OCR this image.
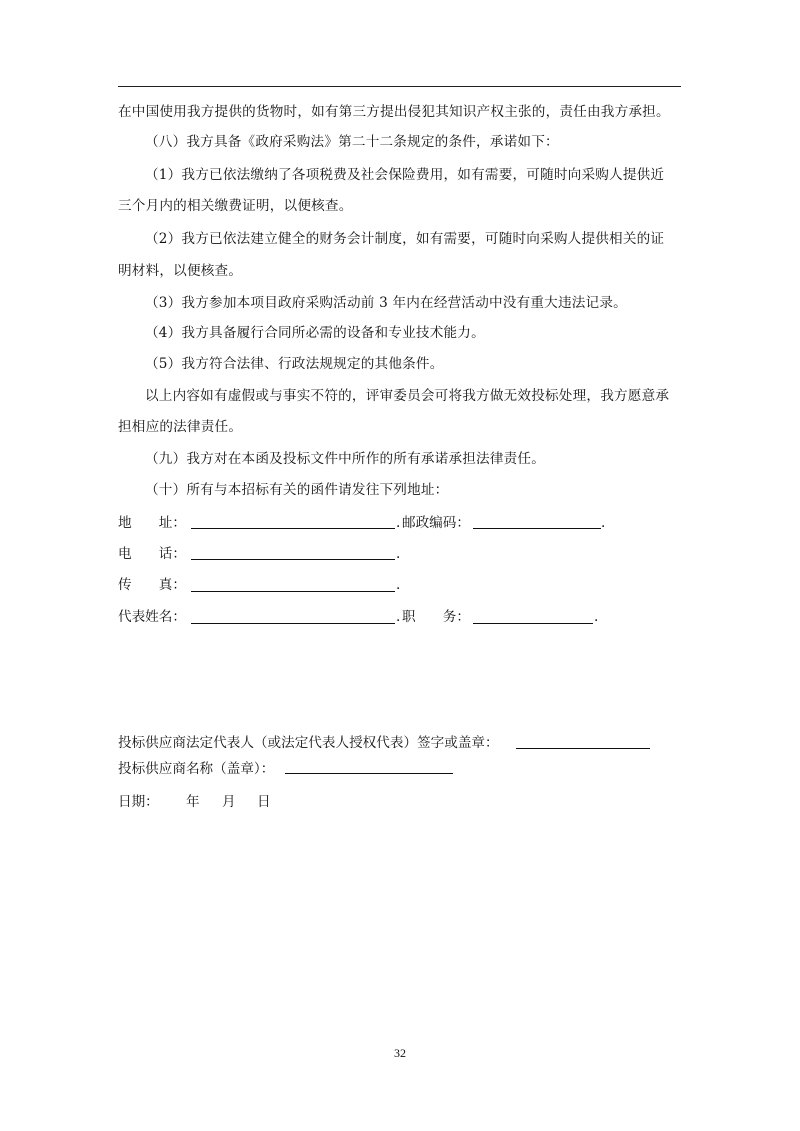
在中国使用我方提供的货物时，如有第三方提出侵犯其知识产权主张的，责任由我方承担。
（八）我方具备《政府采购法》第二十二条规定的条件，承诺如下：
（1）我方已依法缴纳了各项税费及社会保险费用，如有需要，可随时向采购人提供近
三个月内的相关缴费证明，以便核查。
（2）我方已依法建立健全的财务会计制度，如有需要，可随时向采购人提供相关的证
明材料，以便核查。
（3）我方参加本项目政府采购活动前 3 年内在经营活动中没有重大违法记录。
（4）我方具备履行合同所必需的设备和专业技术能力。
（5）我方符合法律、行政法规规定的其他条件。
以上内容如有虚假或与事实不符的，评审委员会可将我方做无效投标处理，我方愿意承
担相应的法律责任。
（九）我方对在本函及投标文件中所作的所有承诺承担法律责任。
（十）所有与本招标有关的函件请发往下列地址：
地　　址：	. 邮政编码：	.
电　　话：	.
传　　真：	.
代表姓名：	. 职　　务：	.
投标供应商法定代表人（或法定代表人授权代表）签字或盖章：
投标供应商名称（盖章）：
日期： 年 月 日
32
